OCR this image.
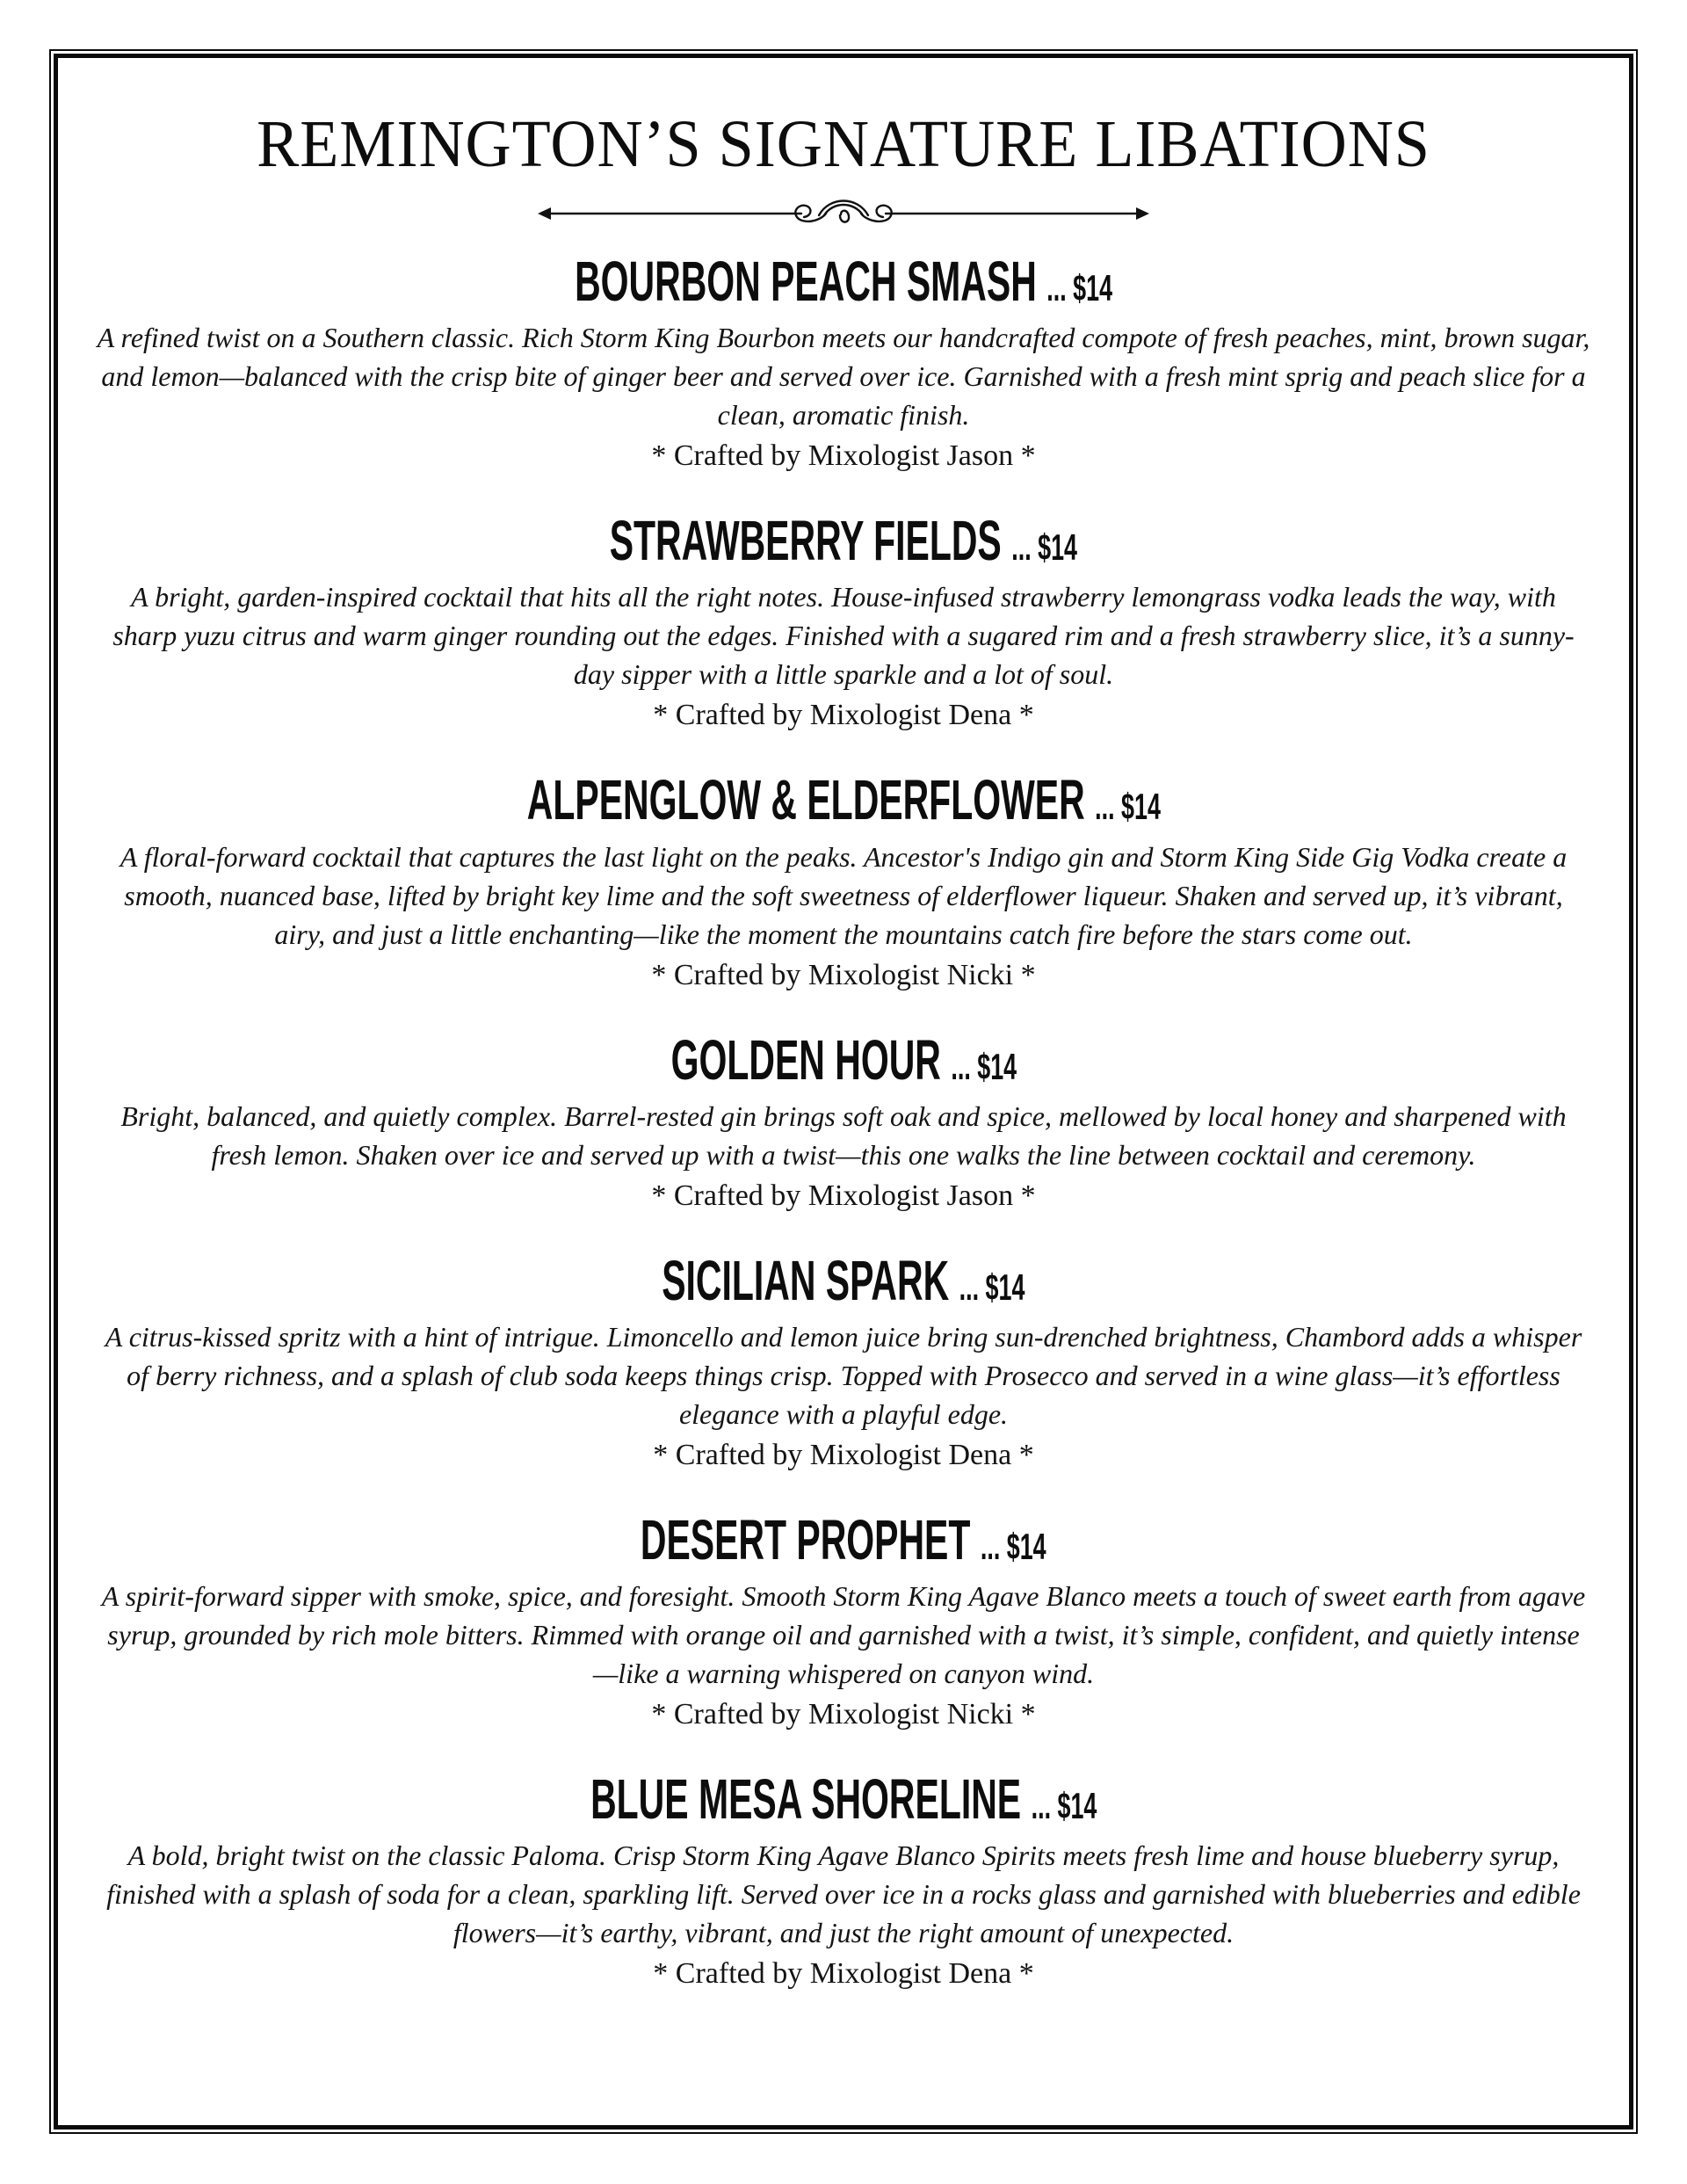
REMINGTON’S SIGNATURE LIBATIONS
BOURBON PEACH SMASH ... $14

A refined twist on a Southern classic. Rich Storm King Bourbon meets our handcrafted compote of fresh peaches, mint, brown sugar, and lemon—balanced with the crisp bite of ginger beer and served over ice. Garnished with a fresh mint sprig and peach slice for a clean, aromatic finish.

* Crafted by Mixologist Jason *

STRAWBERRY FIELDS ... $14

A bright, garden-inspired cocktail that hits all the right notes. House-infused strawberry lemongrass vodka leads the way, with sharp yuzu citrus and warm ginger rounding out the edges. Finished with a sugared rim and a fresh strawberry slice, it’s a sunny-day sipper with a little sparkle and a lot of soul.

* Crafted by Mixologist Dena *

ALPENGLOW & ELDERFLOWER ... $14

A floral-forward cocktail that captures the last light on the peaks. Ancestor's Indigo gin and Storm King Side Gig Vodka create a smooth, nuanced base, lifted by bright key lime and the soft sweetness of elderflower liqueur. Shaken and served up, it’s vibrant, airy, and just a little enchanting—like the moment the mountains catch fire before the stars come out.

* Crafted by Mixologist Nicki *

GOLDEN HOUR ... $14

Bright, balanced, and quietly complex. Barrel-rested gin brings soft oak and spice, mellowed by local honey and sharpened with fresh lemon. Shaken over ice and served up with a twist—this one walks the line between cocktail and ceremony.

* Crafted by Mixologist Jason *

SICILIAN SPARK ... $14

A citrus-kissed spritz with a hint of intrigue. Limoncello and lemon juice bring sun-drenched brightness, Chambord adds a whisper of berry richness, and a splash of club soda keeps things crisp. Topped with Prosecco and served in a wine glass—it’s effortless elegance with a playful edge.

* Crafted by Mixologist Dena *

DESERT PROPHET ... $14

A spirit-forward sipper with smoke, spice, and foresight. Smooth Storm King Agave Blanco meets a touch of sweet earth from agave syrup, grounded by rich mole bitters. Rimmed with orange oil and garnished with a twist, it’s simple, confident, and quietly intense—like a warning whispered on canyon wind.

* Crafted by Mixologist Nicki *

BLUE MESA SHORELINE ... $14

A bold, bright twist on the classic Paloma. Crisp Storm King Agave Blanco Spirits meets fresh lime and house blueberry syrup, finished with a splash of soda for a clean, sparkling lift. Served over ice in a rocks glass and garnished with blueberries and edible flowers—it’s earthy, vibrant, and just the right amount of unexpected.

* Crafted by Mixologist Dena *
